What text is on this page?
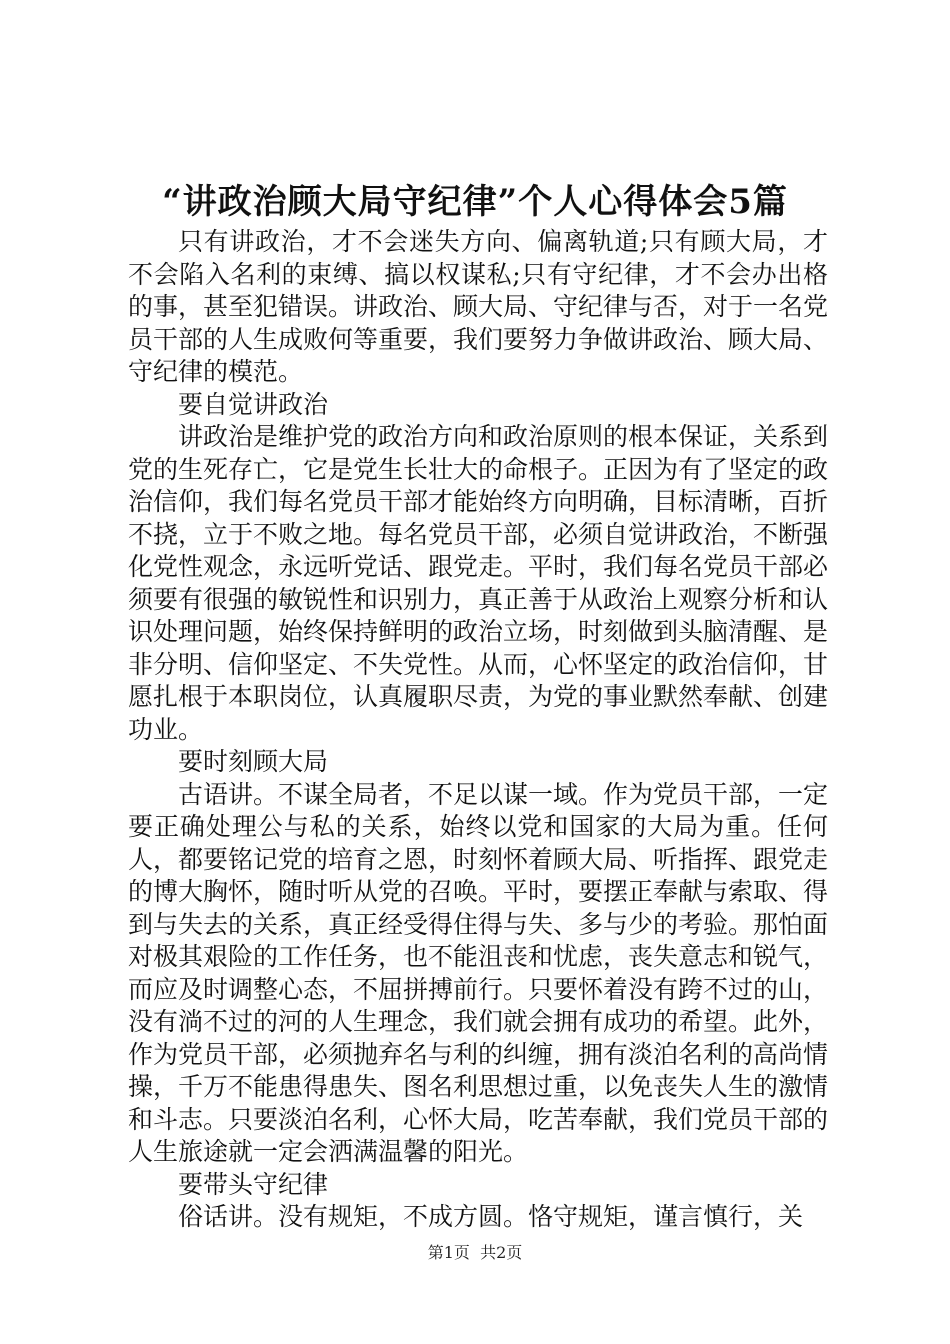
“讲政治顾大局守纪律”个人心得体会5篇

只有讲政治，才不会迷失方向、偏离轨道;只有顾大局，才不会陷入名利的束缚、搞以权谋私;只有守纪律，才不会办出格的事，甚至犯错误。讲政治、顾大局、守纪律与否，对于一名党员干部的人生成败何等重要，我们要努力争做讲政治、顾大局、守纪律的模范。

要自觉讲政治

讲政治是维护党的政治方向和政治原则的根本保证，关系到党的生死存亡，它是党生长壮大的命根子。正因为有了坚定的政治信仰，我们每名党员干部才能始终方向明确，目标清晰，百折不挠，立于不败之地。每名党员干部，必须自觉讲政治，不断强化党性观念，永远听党话、跟党走。平时，我们每名党员干部必须要有很强的敏锐性和识别力，真正善于从政治上观察分析和认识处理问题，始终保持鲜明的政治立场，时刻做到头脑清醒、是非分明、信仰坚定、不失党性。从而，心怀坚定的政治信仰，甘愿扎根于本职岗位，认真履职尽责，为党的事业默然奉献、创建功业。

要时刻顾大局

古语讲。不谋全局者，不足以谋一域。作为党员干部，一定要正确处理公与私的关系，始终以党和国家的大局为重。任何人，都要铭记党的培育之恩，时刻怀着顾大局、听指挥、跟党走的博大胸怀，随时听从党的召唤。平时，要摆正奉献与索取、得到与失去的关系，真正经受得住得与失、多与少的考验。那怕面对极其艰险的工作任务，也不能沮丧和忧虑，丧失意志和锐气，而应及时调整心态，不屈拼搏前行。只要怀着没有跨不过的山，没有淌不过的河的人生理念，我们就会拥有成功的希望。此外，作为党员干部，必须抛弃名与利的纠缠，拥有淡泊名利的高尚情操，千万不能患得患失、图名利思想过重，以免丧失人生的激情和斗志。只要淡泊名利，心怀大局，吃苦奉献，我们党员干部的人生旅途就一定会洒满温馨的阳光。

要带头守纪律

俗话讲。没有规矩，不成方圆。恪守规矩，谨言慎行，关

第1页  共2页
